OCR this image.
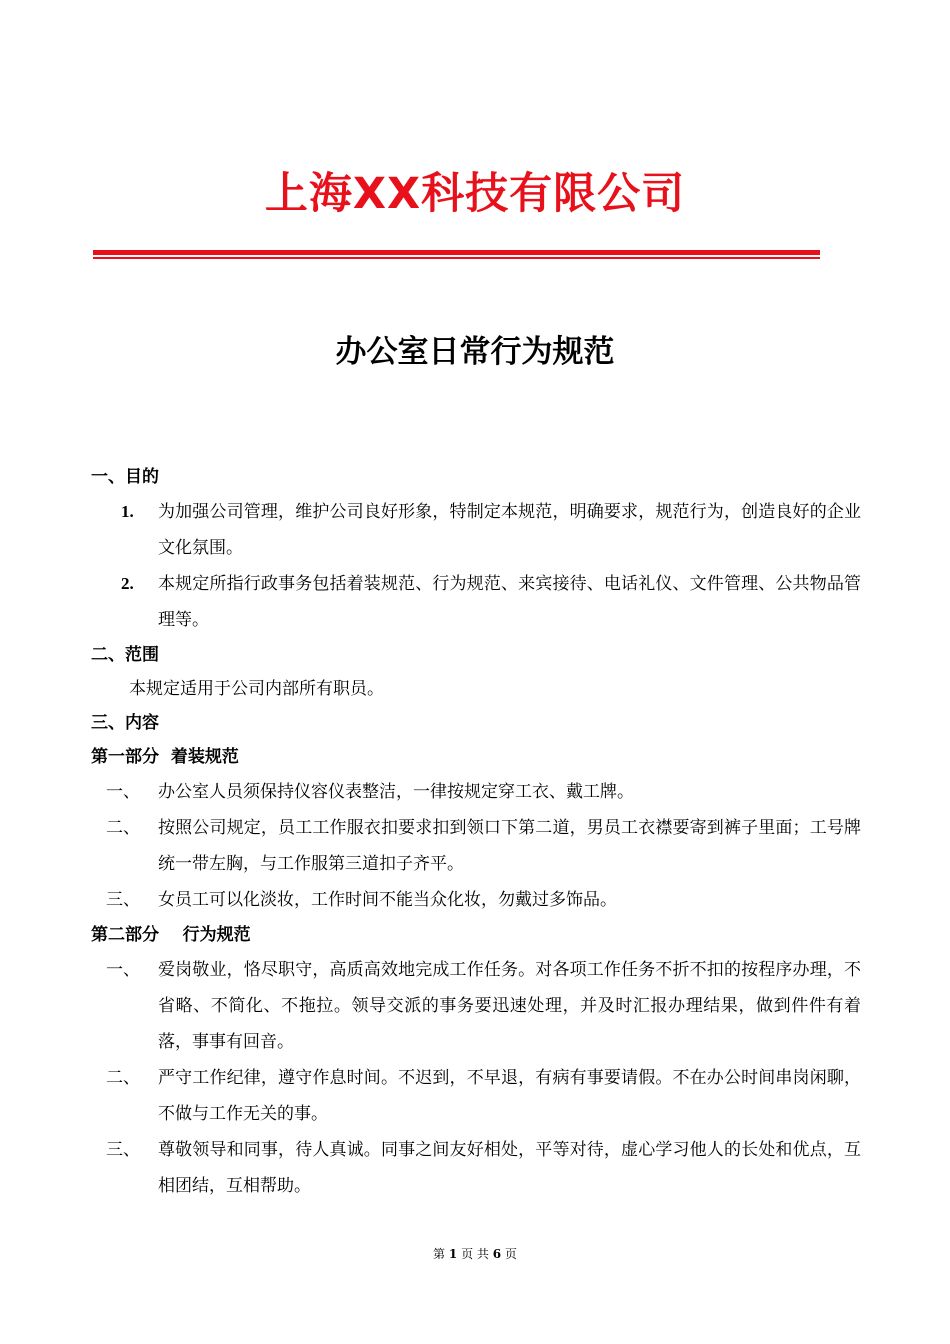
上海XX科技有限公司
办公室日常行为规范
一、目的
1. 为加强公司管理，维护公司良好形象，特制定本规范，明确要求，规范行为，创造良好的企业文化氛围。
2. 本规定所指行政事务包括着装规范、行为规范、来宾接待、电话礼仪、文件管理、公共物品管理等。
二、范围
本规定适用于公司内部所有职员。
三、内容
第一部分  着装规范
一、 办公室人员须保持仪容仪表整洁，一律按规定穿工衣、戴工牌。
二、 按照公司规定，员工工作服衣扣要求扣到领口下第二道，男员工衣襟要寄到裤子里面；工号牌统一带左胸，与工作服第三道扣子齐平。
三、 女员工可以化淡妆，工作时间不能当众化妆，勿戴过多饰品。
第二部分    行为规范
一、 爱岗敬业，恪尽职守，高质高效地完成工作任务。对各项工作任务不折不扣的按程序办理，不省略、不简化、不拖拉。领导交派的事务要迅速处理，并及时汇报办理结果，做到件件有着落，事事有回音。
二、 严守工作纪律，遵守作息时间。不迟到，不早退，有病有事要请假。不在办公时间串岗闲聊，不做与工作无关的事。
三、 尊敬领导和同事，待人真诚。同事之间友好相处，平等对待，虚心学习他人的长处和优点，互相团结，互相帮助。
第 1 页 共 6 页
